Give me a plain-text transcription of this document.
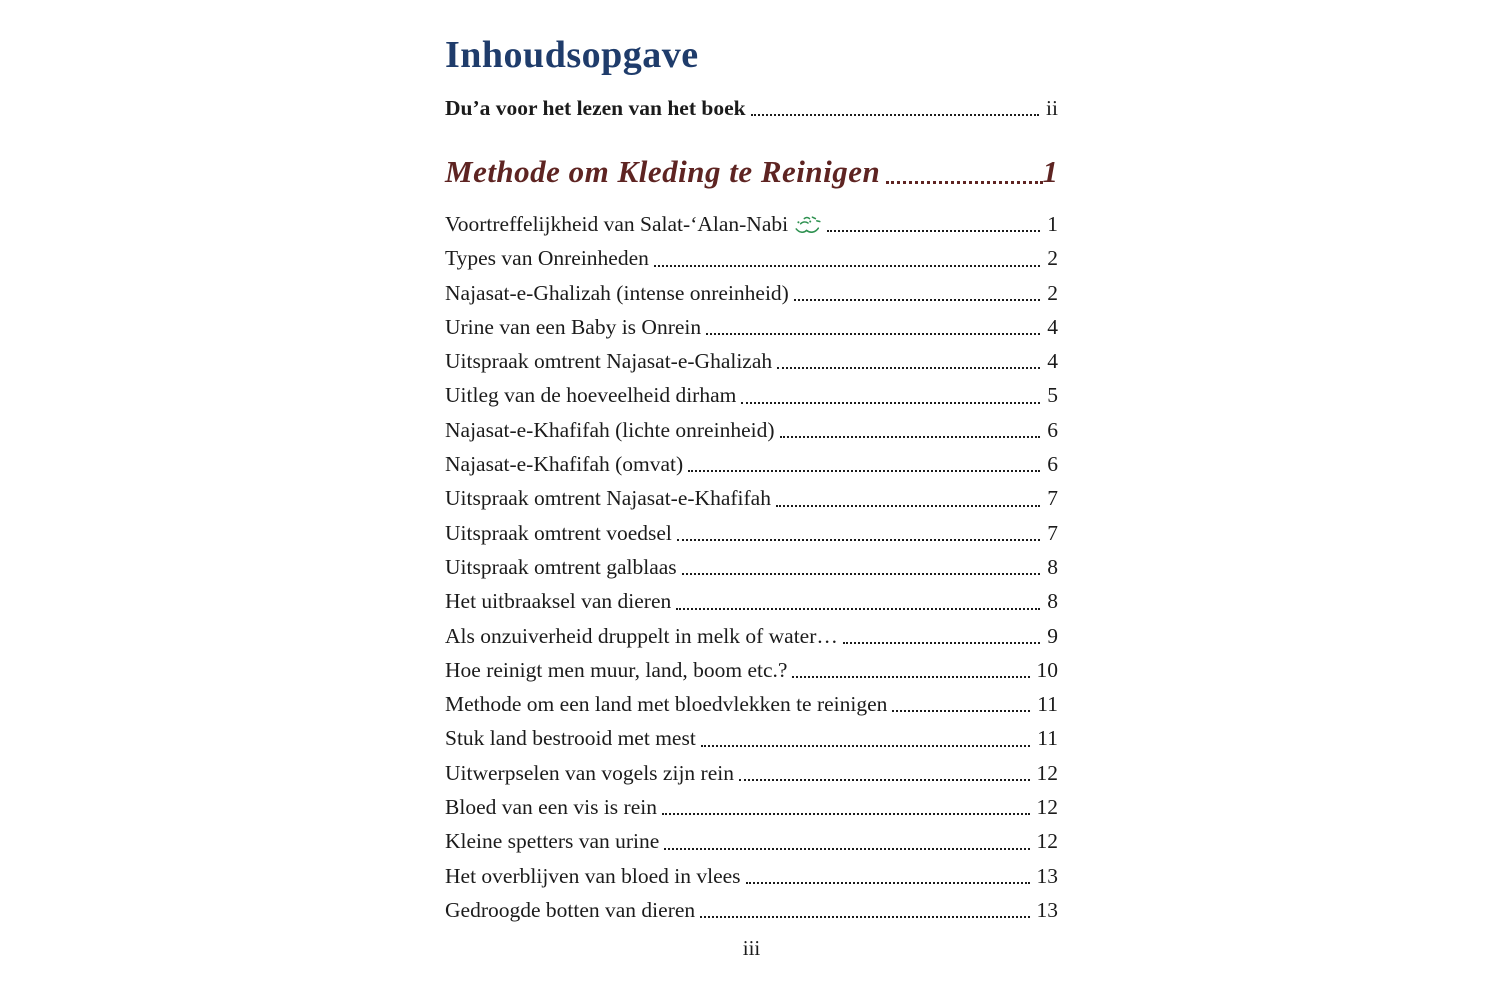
Inhoudsopgave
Du’a voor het lezen van het boek	ii
Methode om Kleding te Reinigen	1
Voortreffelijkheid van Salat-‘Alan-Nabi	1
Types van Onreinheden	2
Najasat-e-Ghalizah (intense onreinheid)	2
Urine van een Baby is Onrein	4
Uitspraak omtrent Najasat-e-Ghalizah	4
Uitleg van de hoeveelheid dirham	5
Najasat-e-Khafifah (lichte onreinheid)	6
Najasat-e-Khafifah (omvat)	6
Uitspraak omtrent Najasat-e-Khafifah	7
Uitspraak omtrent voedsel	7
Uitspraak omtrent galblaas	8
Het uitbraaksel van dieren	8
Als onzuiverheid druppelt in melk of water…	9
Hoe reinigt men muur, land, boom etc.?	10
Methode om een land met bloedvlekken te reinigen	11
Stuk land bestrooid met mest	11
Uitwerpselen van vogels zijn rein	12
Bloed van een vis is rein	12
Kleine spetters van urine	12
Het overblijven van bloed in vlees	13
Gedroogde botten van dieren	13
iii
